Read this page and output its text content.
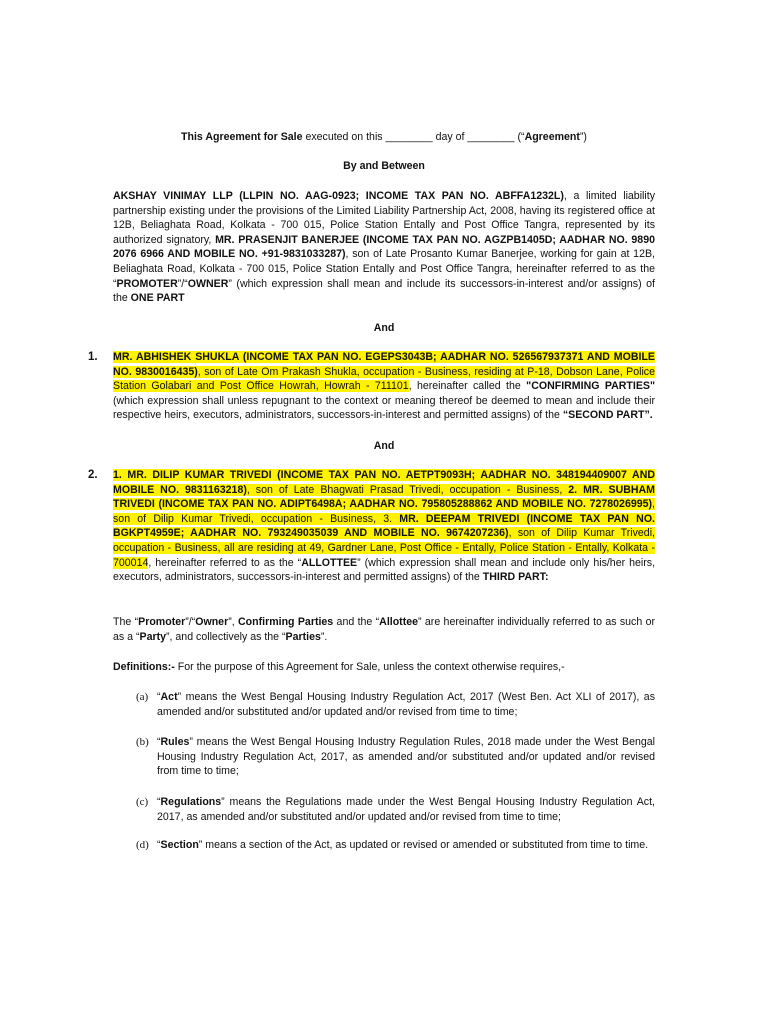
This Agreement for Sale executed on this ________ day of ________ (“Agreement”)
By and Between
AKSHAY VINIMAY LLP (LLPIN NO. AAG-0923; INCOME TAX PAN NO. ABFFA1232L), a limited liability partnership existing under the provisions of the Limited Liability Partnership Act, 2008, having its registered office at 12B, Beliaghata Road, Kolkata - 700 015, Police Station Entally and Post Office Tangra, represented by its authorized signatory, MR. PRASENJIT BANERJEE (INCOME TAX PAN NO. AGZPB1405D; AADHAR NO. 9890 2076 6966 AND MOBILE NO. +91-9831033287), son of Late Prosanto Kumar Banerjee, working for gain at 12B, Beliaghata Road, Kolkata - 700 015, Police Station Entally and Post Office Tangra, hereinafter referred to as the “PROMOTER”/“OWNER” (which expression shall mean and include its successors-in-interest and/or assigns) of the ONE PART
And
1. MR. ABHISHEK SHUKLA (INCOME TAX PAN NO. EGEPS3043B; AADHAR NO. 526567937371 AND MOBILE NO. 9830016435), son of Late Om Prakash Shukla, occupation - Business, residing at P-18, Dobson Lane, Police Station Golabari and Post Office Howrah, Howrah - 711101, hereinafter called the "CONFIRMING PARTIES" (which expression shall unless repugnant to the context or meaning thereof be deemed to mean and include their respective heirs, executors, administrators, successors-in-interest and permitted assigns) of the “SECOND PART”.
And
2. 1. MR. DILIP KUMAR TRIVEDI (INCOME TAX PAN NO. AETPT9093H; AADHAR NO. 348194409007 AND MOBILE NO. 9831163218), son of Late Bhagwati Prasad Trivedi, occupation - Business, 2. MR. SUBHAM TRIVEDI (INCOME TAX PAN NO. ADIPT6498A; AADHAR NO. 795805288862 AND MOBILE NO. 7278026995), son of Dilip Kumar Trivedi, occupation - Business, 3. MR. DEEPAM TRIVEDI (INCOME TAX PAN NO. BGKPT4959E; AADHAR NO. 793249035039 AND MOBILE NO. 9674207236), son of Dilip Kumar Trivedi, occupation - Business, all are residing at 49, Gardner Lane, Post Office - Entally, Police Station - Entally, Kolkata - 700014, hereinafter referred to as the “ALLOTTEE” (which expression shall mean and include only his/her heirs, executors, administrators, successors-in-interest and permitted assigns) of the THIRD PART:
The “Promoter”/“Owner”, Confirming Parties and the “Allottee” are hereinafter individually referred to as such or as a “Party”, and collectively as the “Parties”.
Definitions:- For the purpose of this Agreement for Sale, unless the context otherwise requires,-
(a) “Act” means the West Bengal Housing Industry Regulation Act, 2017 (West Ben. Act XLI of 2017), as amended and/or substituted and/or updated and/or revised from time to time;
(b) “Rules” means the West Bengal Housing Industry Regulation Rules, 2018 made under the West Bengal Housing Industry Regulation Act, 2017, as amended and/or substituted and/or updated and/or revised from time to time;
(c) “Regulations” means the Regulations made under the West Bengal Housing Industry Regulation Act, 2017, as amended and/or substituted and/or updated and/or revised from time to time;
(d) “Section” means a section of the Act, as updated or revised or amended or substituted from time to time.
